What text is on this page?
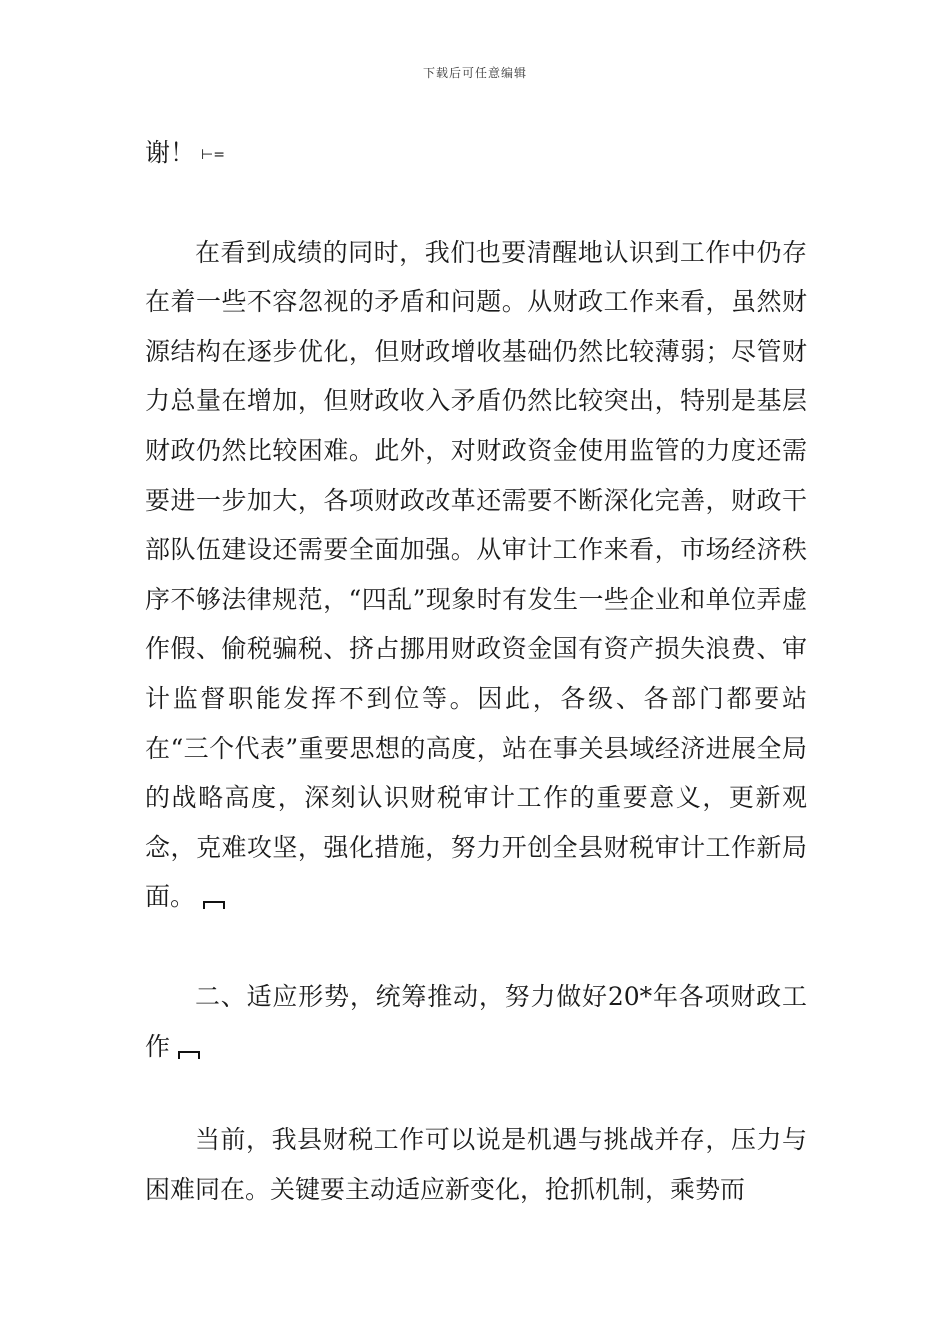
下载后可任意编辑

谢！ ⊢=

在看到成绩的同时，我们也要清醒地认识到工作中仍存在着一些不容忽视的矛盾和问题。从财政工作来看，虽然财源结构在逐步优化，但财政增收基础仍然比较薄弱；尽管财力总量在增加，但财政收入矛盾仍然比较突出，特别是基层财政仍然比较困难。此外，对财政资金使用监管的力度还需要进一步加大，各项财政改革还需要不断深化完善，财政干部队伍建设还需要全面加强。从审计工作来看，市场经济秩序不够法律规范，“四乱”现象时有发生一些企业和单位弄虚作假、偷税骗税、挤占挪用财政资金国有资产损失浪费、审计监督职能发挥不到位等。因此，各级、各部门都要站在“三个代表”重要思想的高度，站在事关县域经济进展全局的战略高度，深刻认识财税审计工作的重要意义，更新观念，克难攻坚，强化措施，努力开创全县财税审计工作新局面。

二、适应形势，统筹推动，努力做好20*年各项财政工作

当前，我县财税工作可以说是机遇与挑战并存，压力与困难同在。关键要主动适应新变化，抢抓机制，乘势而
